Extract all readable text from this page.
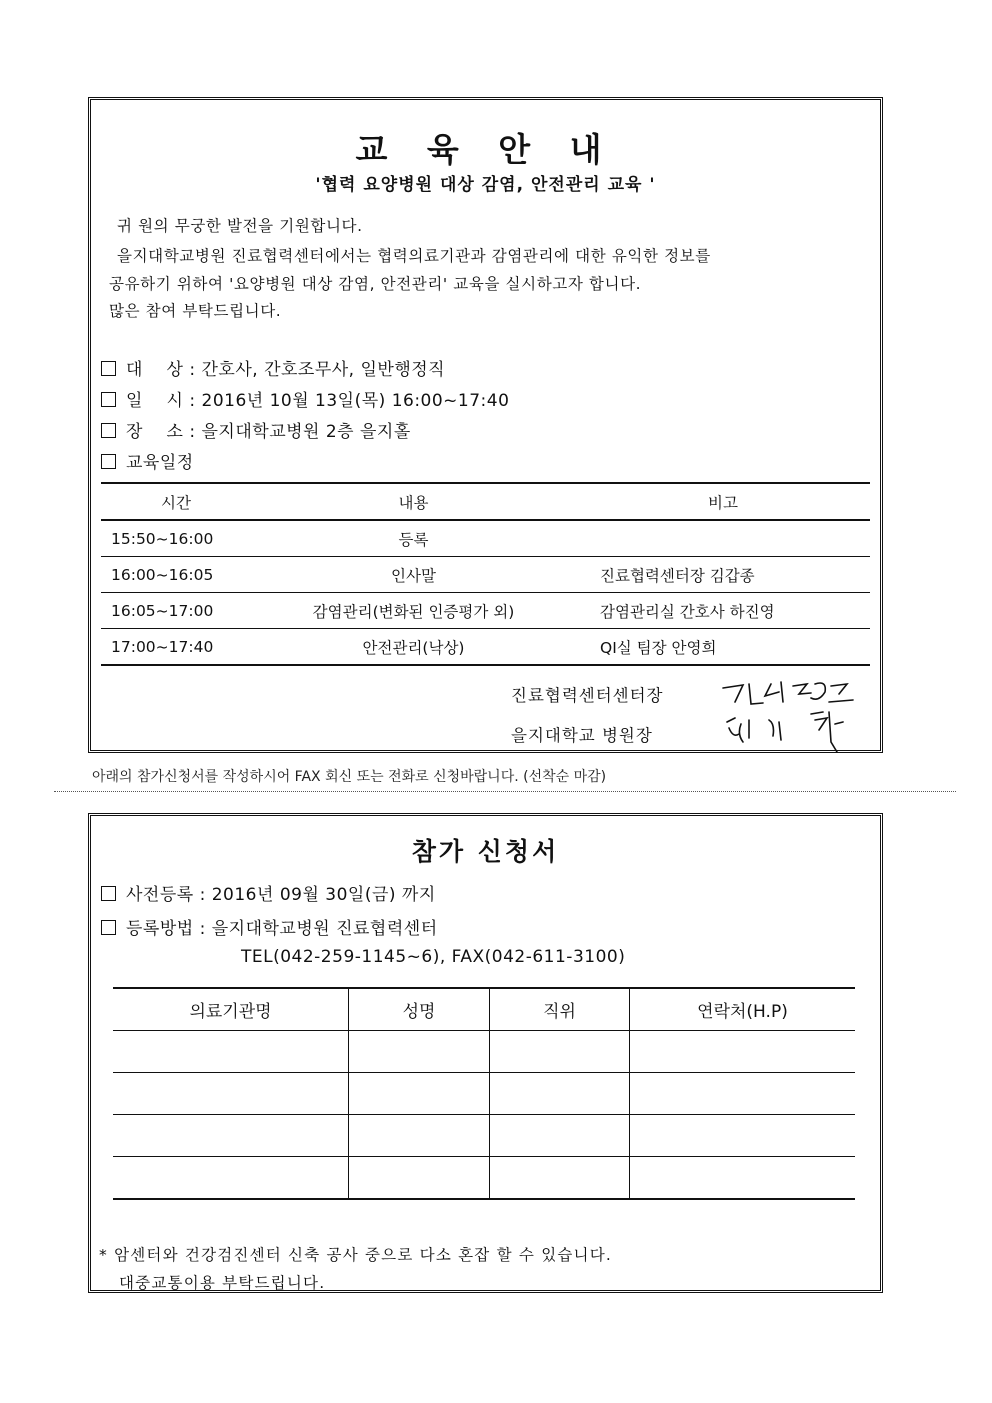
교 육 안 내
'협력 요양병원 대상 감염, 안전관리 교육 '
귀 원의 무궁한 발전을 기원합니다.
을지대학교병원 진료협력센터에서는 협력의료기관과 감염관리에 대한 유익한 정보를
공유하기 위하여 '요양병원 대상 감염, 안전관리' 교육을 실시하고자 합니다.
많은 참여 부탁드립니다.
대    상 : 간호사, 간호조무사, 일반행정직
일    시 : 2016년 10월 13일(목) 16:00~17:40
장    소 : 을지대학교병원 2층 을지홀
교육일정
시간	내용	비고
15:50~16:00	등록	
16:00~16:05	인사말	진료협력센터장 김갑종
16:05~17:00	감염관리(변화된 인증평가 외)	감염관리실 간호사 하진영
17:00~17:40	안전관리(낙상)	QI실 팀장 안영희
진료협력센터센터장
을지대학교 병원장
아래의 참가신청서를 작성하시어 FAX 회신 또는 전화로 신청바랍니다. (선착순 마감)
참가 신청서
사전등록 : 2016년 09월 30일(금) 까지
등록방법 : 을지대학교병원 진료협력센터
TEL(042-259-1145~6), FAX(042-611-3100)
의료기관명	성명	직위	연락처(H.P)

* 암센터와 건강검진센터 신축 공사 중으로 다소 혼잡 할 수 있습니다.
대중교통이용 부탁드립니다.
